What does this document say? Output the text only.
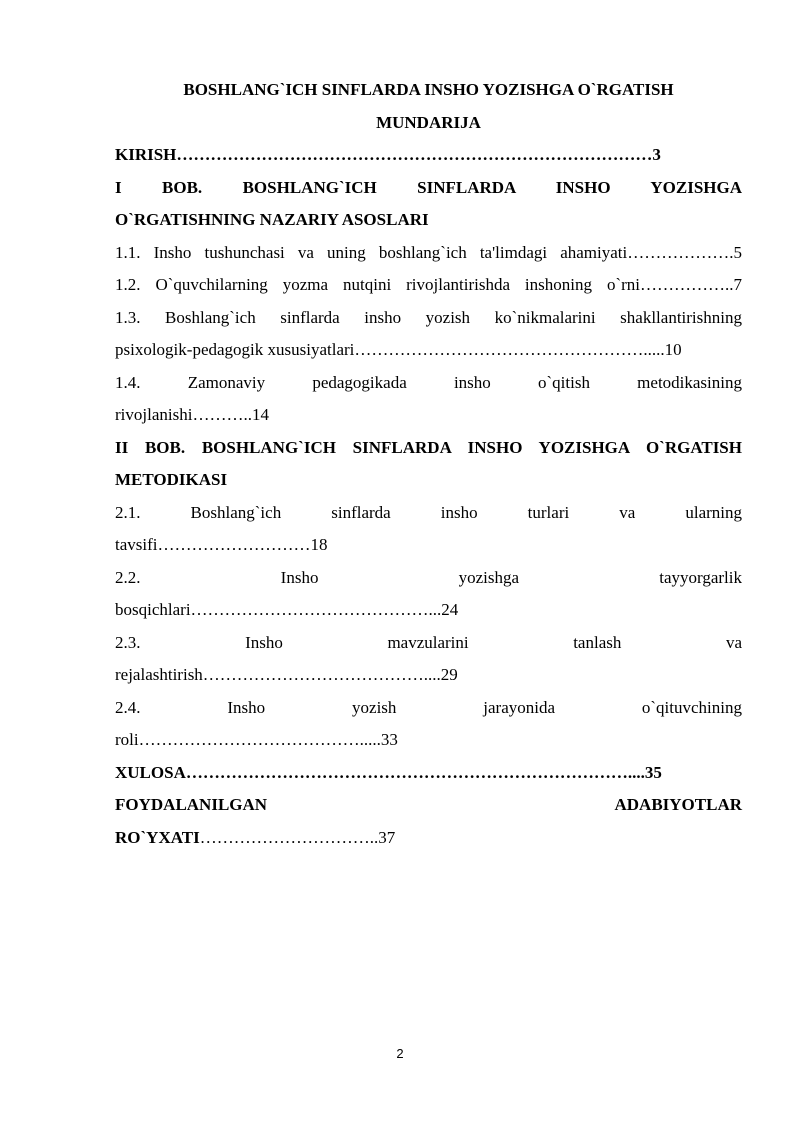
BOSHLANG`ICH SINFLARDA INSHO YOZISHGA O`RGATISH
MUNDARIJA
KIRISH…………………………………………………………………………3
I BOB. BOSHLANG`ICH SINFLARDA INSHO YOZISHGA
O`RGATISHNING NAZARIY ASOSLARI
1.1. Insho tushunchasi va uning boshlang`ich ta'limdagi ahamiyati……………….5
1.2. O`quvchilarning yozma nutqini rivojlantirishda inshoning o`rni……………..7
1.3. Boshlang`ich sinflarda insho yozish ko`nikmalarini shakllantirishning
psixologik-pedagogik xususiyatlari…………………………………………….....10
1.4. Zamonaviy pedagogikada insho o`qitish metodikasining
rivojlanishi………..14
II BOB. BOSHLANG`ICH SINFLARDA INSHO YOZISHGA O`RGATISH
METODIKASI
2.1. Boshlang`ich sinflarda insho turlari va ularning
tavsifi………………………18
2.2. Insho yozishga tayyorgarlik
bosqichlari……………………………………...24
2.3. Insho mavzularini tanlash va
rejalashtirish…………………………………....29
2.4. Insho yozish jarayonida o`qituvchining
roli………………………………….....33
XULOSA……………………………………………………………………....35
FOYDALANILGAN ADABIYOTLAR
RO`YXATI…………………………..37
2
